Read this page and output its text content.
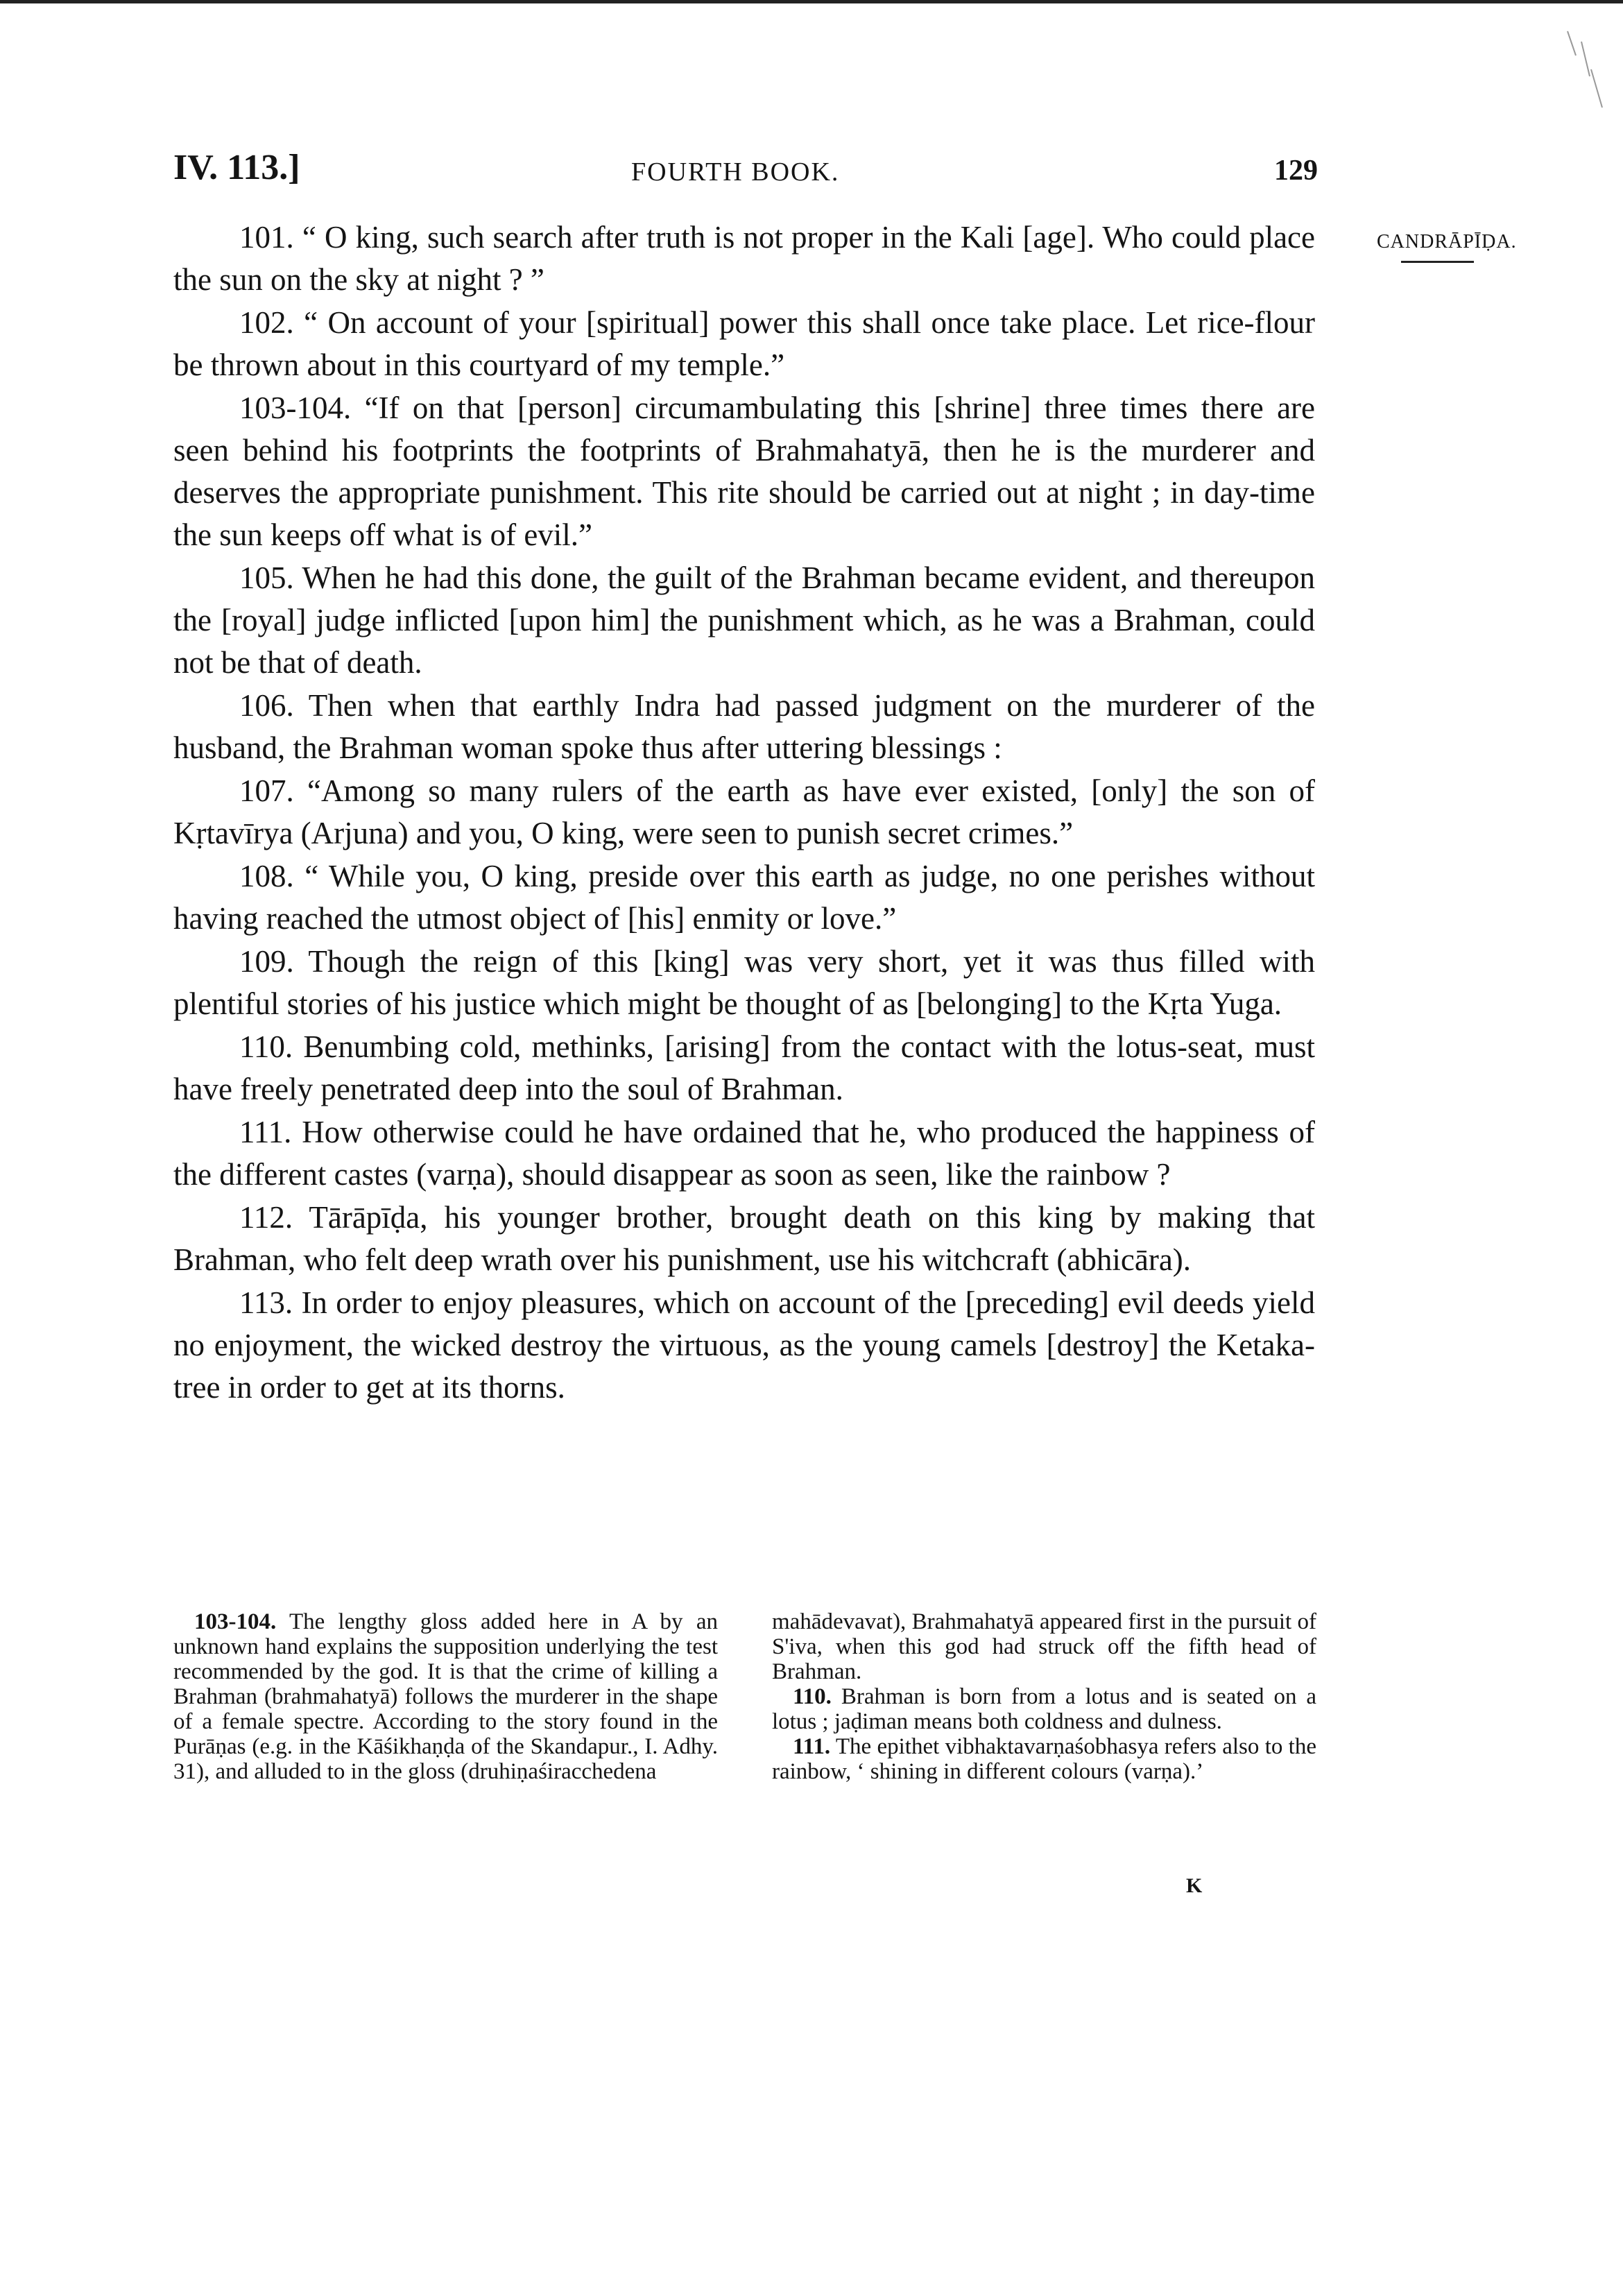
IV. 113.]	FOURTH BOOK.	129
CANDRĀPĪḌA.

101. “ O king, such search after truth is not proper in the Kali [age]. Who could place the sun on the sky at night ? ”

102. “ On account of your [spiritual] power this shall once take place. Let rice-flour be thrown about in this courtyard of my temple.”

103-104. “If on that [person] circumambulating this [shrine] three times there are seen behind his footprints the footprints of Brahmahatyā, then he is the murderer and deserves the appropriate punishment. This rite should be carried out at night ; in day-time the sun keeps off what is of evil.”

105. When he had this done, the guilt of the Brahman became evident, and thereupon the [royal] judge inflicted [upon him] the punishment which, as he was a Brahman, could not be that of death.

106. Then when that earthly Indra had passed judgment on the murderer of the husband, the Brahman woman spoke thus after uttering blessings :

107. “Among so many rulers of the earth as have ever existed, [only] the son of Kṛtavīrya (Arjuna) and you, O king, were seen to punish secret crimes.”

108. “ While you, O king, preside over this earth as judge, no one perishes without having reached the utmost object of [his] enmity or love.”

109. Though the reign of this [king] was very short, yet it was thus filled with plentiful stories of his justice which might be thought of as [belonging] to the Kṛta Yuga.

110. Benumbing cold, methinks, [arising] from the contact with the lotus-seat, must have freely penetrated deep into the soul of Brahman.

111. How otherwise could he have ordained that he, who produced the happiness of the different castes (varṇa), should disappear as soon as seen, like the rainbow ?

112. Tārāpīḍa, his younger brother, brought death on this king by making that Brahman, who felt deep wrath over his punishment, use his witchcraft (abhicāra).

113. In order to enjoy pleasures, which on account of the [preceding] evil deeds yield no enjoyment, the wicked destroy the virtuous, as the young camels [destroy] the Ketaka-tree in order to get at its thorns.

103-104. The lengthy gloss added here in A by an unknown hand explains the supposition underlying the test recommended by the god. It is that the crime of killing a Brahman (brahmahatyā) follows the murderer in the shape of a female spectre. According to the story found in the Purāṇas (e.g. in the Kāśikhaṇḍa of the Skandapur., I. Adhy. 31), and alluded to in the gloss (druhiṇaśiracchedena

mahādevavat), Brahmahatyā appeared first in the pursuit of S'iva, when this god had struck off the fifth head of Brahman.

110. Brahman is born from a lotus and is seated on a lotus ; jaḍiman means both coldness and dulness.

111. The epithet vibhaktavarṇaśobhasya refers also to the rainbow, ‘ shining in different colours (varṇa).’

K
